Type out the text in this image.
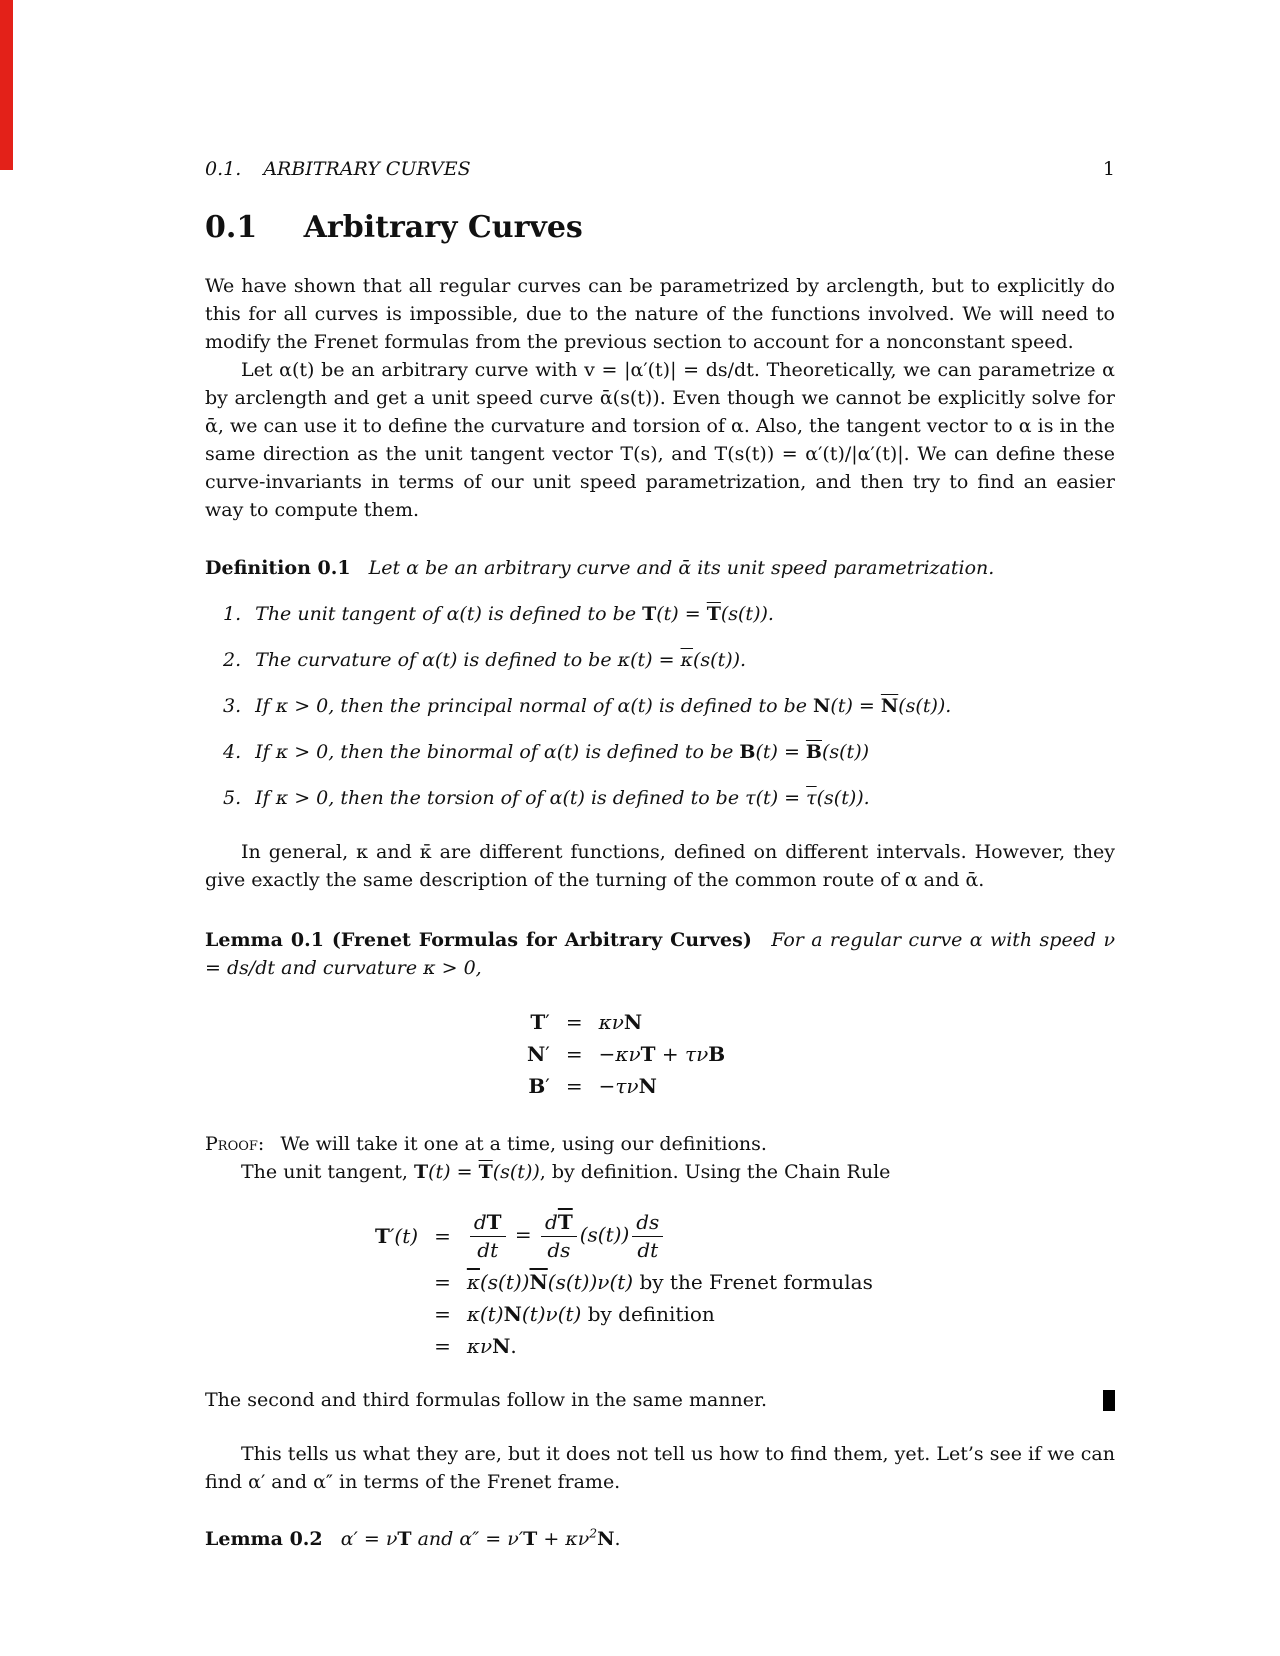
0.1. ARBITRARY CURVES	1
0.1 Arbitrary Curves

We have shown that all regular curves can be parametrized by arclength, but to explicitly do this for all curves is impossible, due to the nature of the functions involved. We will need to modify the Frenet formulas from the previous section to account for a nonconstant speed.

Let α(t) be an arbitrary curve with v = |α′(t)| = ds/dt. Theoretically, we can parametrize α by arclength and get a unit speed curve ᾱ(s(t)). Even though we cannot be explicitly solve for ᾱ, we can use it to define the curvature and torsion of α. Also, the tangent vector to α is in the same direction as the unit tangent vector T(s), and T(s(t)) = α′(t)/|α′(t)|. We can define these curve-invariants in terms of our unit speed parametrization, and then try to find an easier way to compute them.

Definition 0.1 Let α be an arbitrary curve and ᾱ its unit speed parametrization.

1. The unit tangent of α(t) is defined to be $T(t) = \overline{T}(s(t))$.
2. The curvature of α(t) is defined to be $\kappa(t) = \overline{\kappa}(s(t))$.
3. If κ > 0, then the principal normal of α(t) is defined to be $N(t) = \overline{N}(s(t))$.
4. If κ > 0, then the binormal of α(t) is defined to be $B(t) = \overline{B}(s(t))$
5. If κ > 0, then the torsion of of α(t) is defined to be $\tau(t) = \overline{\tau}(s(t))$.

In general, κ and κ̄ are different functions, defined on different intervals. However, they give exactly the same description of the turning of the common route of α and ᾱ.

Lemma 0.1 (Frenet Formulas for Arbitrary Curves) For a regular curve α with speed ν = ds/dt and curvature κ > 0,

T′	=	κνN
N′	=	−κνT + τνB
B′	=	−τνN

Proof: We will take it one at a time, using our definitions.

The unit tangent, $T(t) = \overline{T}(s(t))$, by definition. Using the Chain Rule

T′(t)	=	$\frac{dT}{dt} = \frac{d\overline{T}}{ds} (s(t)) \frac{ds}{dt}$

	=	$\overline{\kappa}(s(t))\overline{N}(s(t))\nu(t)$ by the Frenet formulas
	=	κ(t)N(t)ν(t) by definition
	=	κνN.
The second and third formulas follow in the same manner.

This tells us what they are, but it does not tell us how to find them, yet. Let’s see if we can find α′ and α″ in terms of the Frenet frame.

Lemma 0.2 α′ = νT and $\alpha'' = \nu'T + \kappa\nu^2N$.
